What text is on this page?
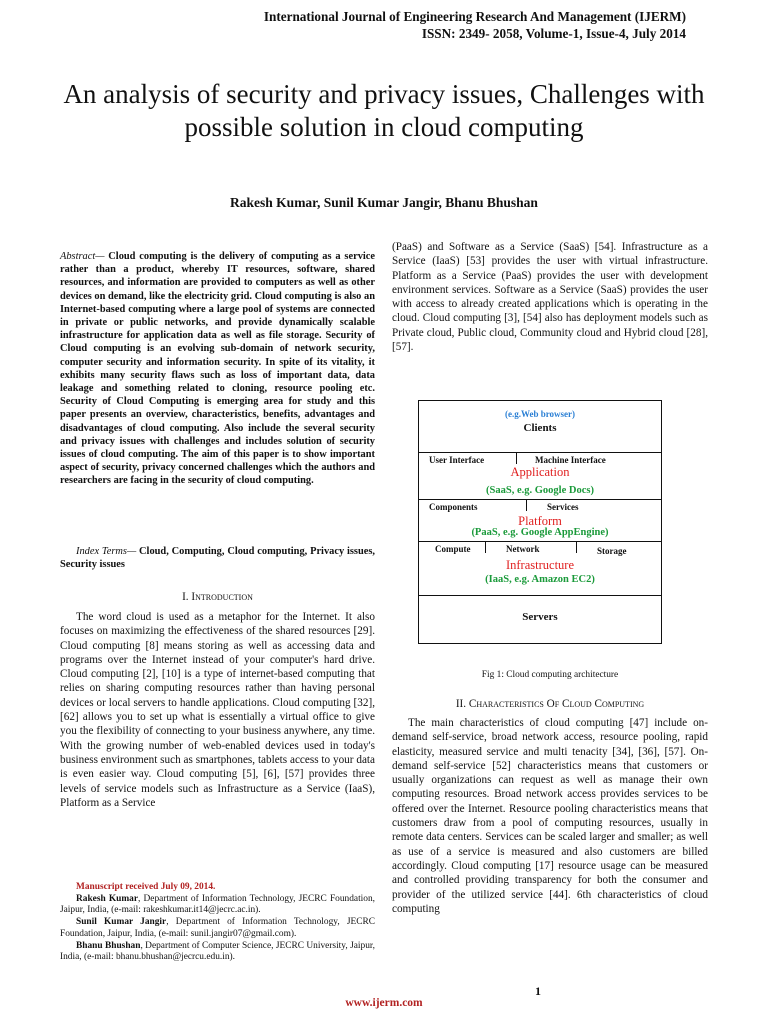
International Journal of Engineering Research And Management (IJERM)
ISSN: 2349- 2058, Volume-1, Issue-4, July 2014
An analysis of security and privacy issues, Challenges with possible solution in cloud computing
Rakesh Kumar, Sunil Kumar Jangir, Bhanu Bhushan
Abstract— Cloud computing is the delivery of computing as a service rather than a product, whereby IT resources, software, shared resources, and information are provided to computers as well as other devices on demand, like the electricity grid. Cloud computing is also an Internet-based computing where a large pool of systems are connected in private or public networks, and provide dynamically scalable infrastructure for application data as well as file storage. Security of Cloud computing is an evolving sub-domain of network security, computer security and information security. In spite of its vitality, it exhibits many security flaws such as loss of important data, data leakage and something related to cloning, resource pooling etc. Security of Cloud Computing is emerging area for study and this paper presents an overview, characteristics, benefits, advantages and disadvantages of cloud computing. Also include the several security and privacy issues with challenges and includes solution of security issues of cloud computing. The aim of this paper is to show important aspect of security, privacy concerned challenges which the authors and researchers are facing in the security of cloud computing.
Index Terms— Cloud, Computing, Cloud computing, Privacy issues, Security issues
I. Introduction
The word cloud is used as a metaphor for the Internet. It also focuses on maximizing the effectiveness of the shared resources [29]. Cloud computing [8] means storing as well as accessing data and programs over the Internet instead of your computer's hard drive. Cloud computing [2], [10] is a type of internet-based computing that relies on sharing computing resources rather than having personal devices or local servers to handle applications. Cloud computing [32], [62] allows you to set up what is essentially a virtual office to give you the flexibility of connecting to your business anywhere, any time. With the growing number of web-enabled devices used in today's business environment such as smartphones, tablets access to your data is even easier way. Cloud computing [5], [6], [57] provides three levels of service models such as Infrastructure as a Service (IaaS), Platform as a Service
Manuscript received July 09, 2014.
Rakesh Kumar, Department of Information Technology, JECRC Foundation, Jaipur, India, (e-mail: rakeshkumar.it14@jecrc.ac.in).
Sunil Kumar Jangir, Department of Information Technology, JECRC Foundation, Jaipur, India, (e-mail: sunil.jangir07@gmail.com).
Bhanu Bhushan, Department of Computer Science, JECRC University, Jaipur, India, (e-mail: bhanu.bhushan@jecrcu.edu.in).
(PaaS) and Software as a Service (SaaS) [54]. Infrastructure as a Service (IaaS) [53] provides the user with virtual infrastructure. Platform as a Service (PaaS) provides the user with development environment services. Software as a Service (SaaS) provides the user with access to already created applications which is operating in the cloud. Cloud computing [3], [54] also has deployment models such as Private cloud, Public cloud, Community cloud and Hybrid cloud [28], [57].
(e.g.Web browser)
Clients
User Interface	Machine Interface
Application
(SaaS, e.g. Google Docs)
Components	Services
Platform
(PaaS, e.g. Google AppEngine)
Compute	Network	Storage
Infrastructure
(IaaS, e.g. Amazon EC2)
Servers
Fig 1: Cloud computing architecture
II. Characteristics Of Cloud Computing
The main characteristics of cloud computing [47] include on-demand self-service, broad network access, resource pooling, rapid elasticity, measured service and multi tenacity [34], [36], [57]. On-demand self-service [52] characteristics means that customers or usually organizations can request as well as manage their own computing resources. Broad network access provides services to be offered over the Internet. Resource pooling characteristics means that customers draw from a pool of computing resources, usually in remote data centers. Services can be scaled larger and smaller; as well as use of a service is measured and also customers are billed accordingly. Cloud computing [17] resource usage can be measured and controlled providing transparency for both the consumer and provider of the utilized service [44]. 6th characteristics of cloud computing
1
www.ijerm.com
